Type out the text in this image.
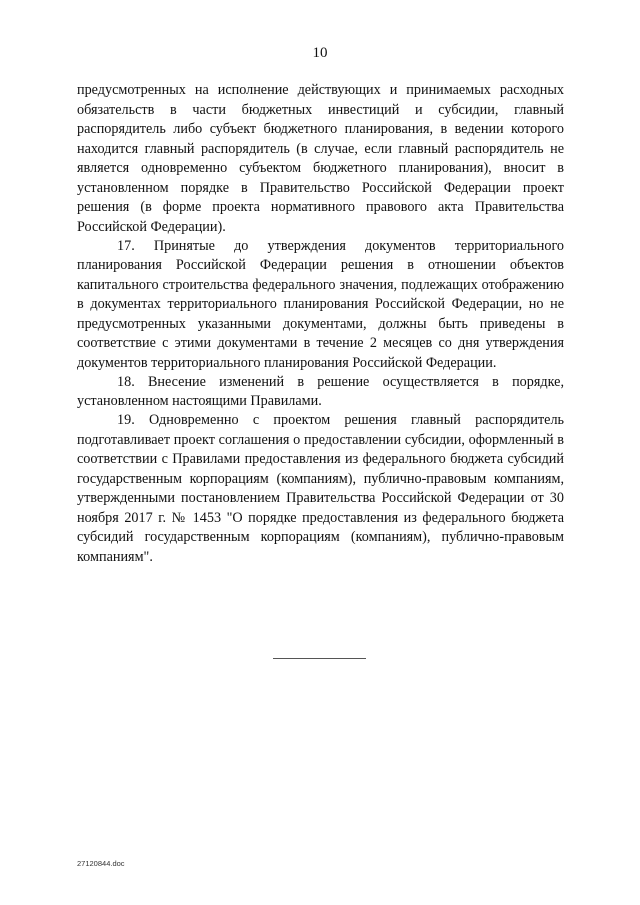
10

предусмотренных на исполнение действующих и принимаемых расходных обязательств в части бюджетных инвестиций и субсидии, главный распорядитель либо субъект бюджетного планирования, в ведении которого находится главный распорядитель (в случае, если главный распорядитель не является одновременно субъектом бюджетного планирования), вносит в установленном порядке в Правительство Российской Федерации проект решения (в форме проекта нормативного правового акта Правительства Российской Федерации).

17. Принятые до утверждения документов территориального планирования Российской Федерации решения в отношении объектов капитального строительства федерального значения, подлежащих отображению в документах территориального планирования Российской Федерации, но не предусмотренных указанными документами, должны быть приведены в соответствие с этими документами в течение 2 месяцев со дня утверждения документов территориального планирования Российской Федерации.

18. Внесение изменений в решение осуществляется в порядке, установленном настоящими Правилами.

19. Одновременно с проектом решения главный распорядитель подготавливает проект соглашения о предоставлении субсидии, оформленный в соответствии с Правилами предоставления из федерального бюджета субсидий государственным корпорациям (компаниям), публично-правовым компаниям, утвержденными постановлением Правительства Российской Федерации от 30 ноября 2017 г. № 1453 "О порядке предоставления из федерального бюджета субсидий государственным корпорациям (компаниям), публично-правовым компаниям".

27120844.doc
